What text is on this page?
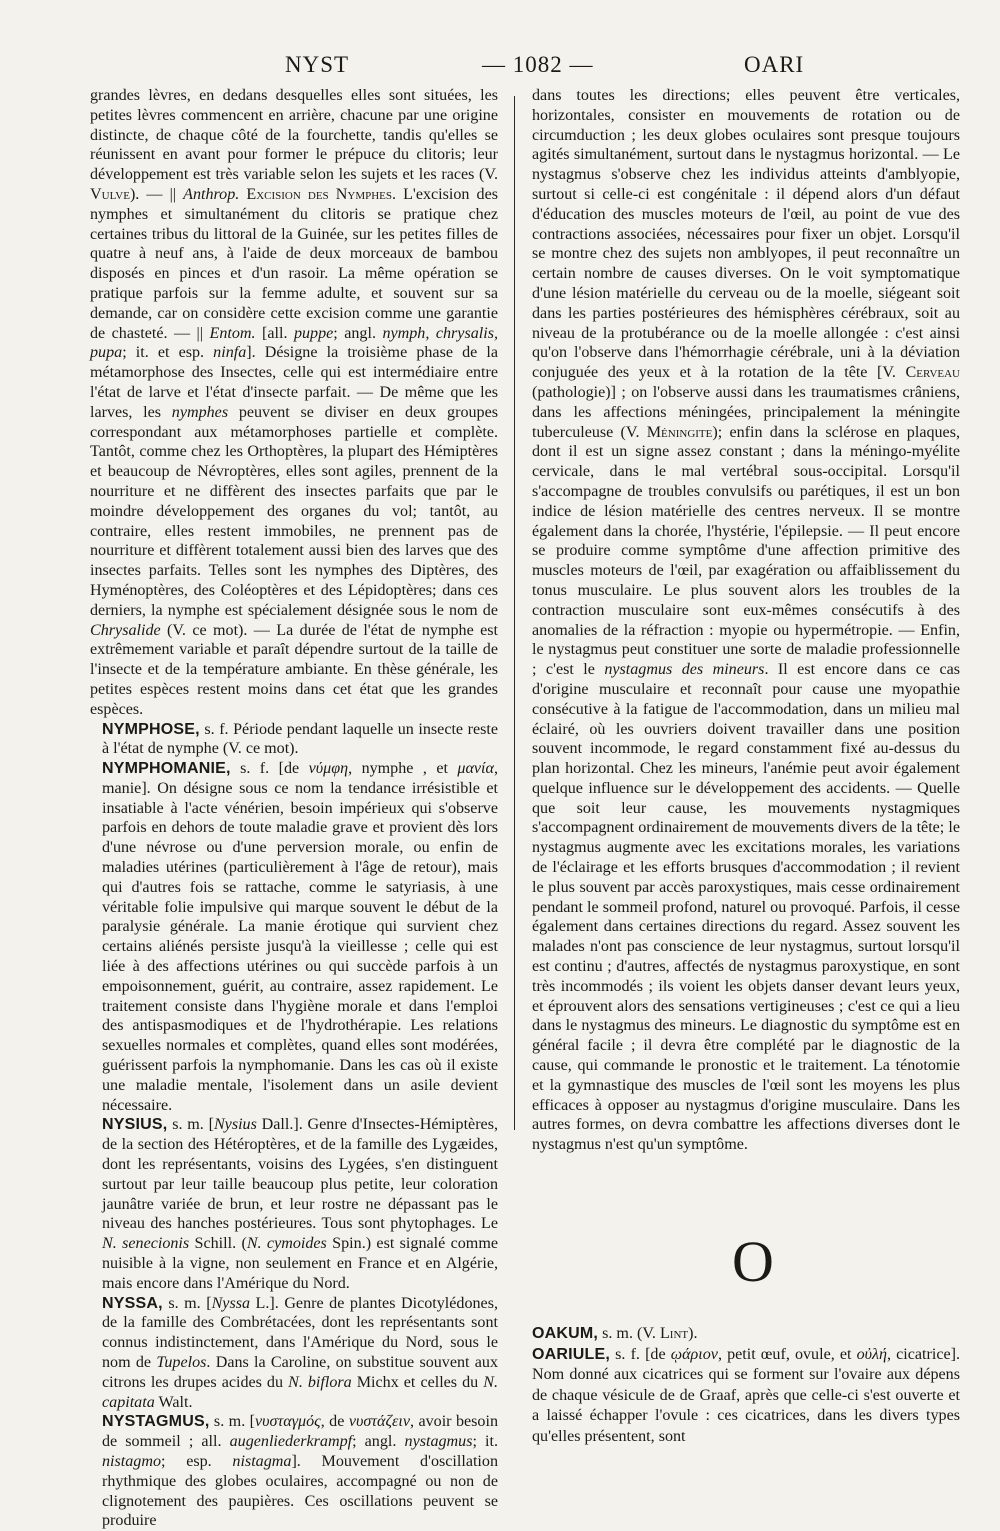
NYST	— 1082 —	OARI

grandes lèvres, en dedans desquelles elles sont situées, les petites lèvres commencent en arrière, chacune par une origine distincte, de chaque côté de la fourchette, tandis qu'elles se réunissent en avant pour former le prépuce du clitoris; leur développement est très variable selon les sujets et les races (V. Vulve). — || Anthrop. Excision des Nymphes. L'excision des nymphes et simultanément du clitoris se pratique chez certaines tribus du littoral de la Guinée, sur les petites filles de quatre à neuf ans, à l'aide de deux morceaux de bambou disposés en pinces et d'un rasoir. La même opération se pratique parfois sur la femme adulte, et souvent sur sa demande, car on considère cette excision comme une garantie de chasteté. — || Entom. [all. puppe; angl. nymph, chrysalis, pupa; it. et esp. ninfa]. Désigne la troisième phase de la métamorphose des Insectes, celle qui est intermédiaire entre l'état de larve et l'état d'insecte parfait. — De même que les larves, les nymphes peuvent se diviser en deux groupes correspondant aux métamorphoses partielle et complète. Tantôt, comme chez les Orthoptères, la plupart des Hémiptères et beaucoup de Névroptères, elles sont agiles, prennent de la nourriture et ne diffèrent des insectes parfaits que par le moindre développement des organes du vol; tantôt, au contraire, elles restent immobiles, ne prennent pas de nourriture et diffèrent totalement aussi bien des larves que des insectes parfaits. Telles sont les nymphes des Diptères, des Hyménoptères, des Coléoptères et des Lépidoptères; dans ces derniers, la nymphe est spécialement désignée sous le nom de Chrysalide (V. ce mot). — La durée de l'état de nymphe est extrêmement variable et paraît dépendre surtout de la taille de l'insecte et de la température ambiante. En thèse générale, les petites espèces restent moins dans cet état que les grandes espèces.

NYMPHOSE, s. f. Période pendant laquelle un insecte reste à l'état de nymphe (V. ce mot).

NYMPHOMANIE, s. f. [de νύμφη, nymphe , et μανία, manie]. On désigne sous ce nom la tendance irrésistible et insatiable à l'acte vénérien, besoin impérieux qui s'observe parfois en dehors de toute maladie grave et provient dès lors d'une névrose ou d'une perversion morale, ou enfin de maladies utérines (particulièrement à l'âge de retour), mais qui d'autres fois se rattache, comme le satyriasis, à une véritable folie impulsive qui marque souvent le début de la paralysie générale. La manie érotique qui survient chez certains aliénés persiste jusqu'à la vieillesse ; celle qui est liée à des affections utérines ou qui succède parfois à un empoisonnement, guérit, au contraire, assez rapidement. Le traitement consiste dans l'hygiène morale et dans l'emploi des antispasmodiques et de l'hydrothérapie. Les relations sexuelles normales et complètes, quand elles sont modérées, guérissent parfois la nymphomanie. Dans les cas où il existe une maladie mentale, l'isolement dans un asile devient nécessaire.

NYSIUS, s. m. [Nysius Dall.]. Genre d'Insectes-Hémiptères, de la section des Hétéroptères, et de la famille des Lygæides, dont les représentants, voisins des Lygées, s'en distinguent surtout par leur taille beaucoup plus petite, leur coloration jaunâtre variée de brun, et leur rostre ne dépassant pas le niveau des hanches postérieures. Tous sont phytophages. Le N. senecionis Schill. (N. cymoides Spin.) est signalé comme nuisible à la vigne, non seulement en France et en Algérie, mais encore dans l'Amérique du Nord.

NYSSA, s. m. [Nyssa L.]. Genre de plantes Dicotylédones, de la famille des Combrétacées, dont les représentants sont connus indistinctement, dans l'Amérique du Nord, sous le nom de Tupelos. Dans la Caroline, on substitue souvent aux citrons les drupes acides du N. biflora Michx et celles du N. capitata Walt.

NYSTAGMUS, s. m. [νυσταγμός, de νυστάζειν, avoir besoin de sommeil ; all. augenliederkrampf; angl. nystagmus; it. nistagmo; esp. nistagma]. Mouvement d'oscillation rhythmique des globes oculaires, accompagné ou non de clignotement des paupières. Ces oscillations peuvent se produire

dans toutes les directions; elles peuvent être verticales, horizontales, consister en mouvements de rotation ou de circumduction ; les deux globes oculaires sont presque toujours agités simultanément, surtout dans le nystagmus horizontal. — Le nystagmus s'observe chez les individus atteints d'amblyopie, surtout si celle-ci est congénitale : il dépend alors d'un défaut d'éducation des muscles moteurs de l'œil, au point de vue des contractions associées, nécessaires pour fixer un objet. Lorsqu'il se montre chez des sujets non amblyopes, il peut reconnaître un certain nombre de causes diverses. On le voit symptomatique d'une lésion matérielle du cerveau ou de la moelle, siégeant soit dans les parties postérieures des hémisphères cérébraux, soit au niveau de la protubérance ou de la moelle allongée : c'est ainsi qu'on l'observe dans l'hémorrhagie cérébrale, uni à la déviation conjuguée des yeux et à la rotation de la tête [V. Cerveau (pathologie)] ; on l'observe aussi dans les traumatismes crâniens, dans les affections méningées, principalement la méningite tuberculeuse (V. Méningite); enfin dans la sclérose en plaques, dont il est un signe assez constant ; dans la méningo-myélite cervicale, dans le mal vertébral sous-occipital. Lorsqu'il s'accompagne de troubles convulsifs ou parétiques, il est un bon indice de lésion matérielle des centres nerveux. Il se montre également dans la chorée, l'hystérie, l'épilepsie. — Il peut encore se produire comme symptôme d'une affection primitive des muscles moteurs de l'œil, par exagération ou affaiblissement du tonus musculaire. Le plus souvent alors les troubles de la contraction musculaire sont eux-mêmes consécutifs à des anomalies de la réfraction : myopie ou hypermétropie. — Enfin, le nystagmus peut constituer une sorte de maladie professionnelle ; c'est le nystagmus des mineurs. Il est encore dans ce cas d'origine musculaire et reconnaît pour cause une myopathie consécutive à la fatigue de l'accommodation, dans un milieu mal éclairé, où les ouvriers doivent travailler dans une position souvent incommode, le regard constamment fixé au-dessus du plan horizontal. Chez les mineurs, l'anémie peut avoir également quelque influence sur le développement des accidents. — Quelle que soit leur cause, les mouvements nystagmiques s'accompagnent ordinairement de mouvements divers de la tête; le nystagmus augmente avec les excitations morales, les variations de l'éclairage et les efforts brusques d'accommodation ; il revient le plus souvent par accès paroxystiques, mais cesse ordinairement pendant le sommeil profond, naturel ou provoqué. Parfois, il cesse également dans certaines directions du regard. Assez souvent les malades n'ont pas conscience de leur nystagmus, surtout lorsqu'il est continu ; d'autres, affectés de nystagmus paroxystique, en sont très incommodés ; ils voient les objets danser devant leurs yeux, et éprouvent alors des sensations vertigineuses ; c'est ce qui a lieu dans le nystagmus des mineurs. Le diagnostic du symptôme est en général facile ; il devra être complété par le diagnostic de la cause, qui commande le pronostic et le traitement. La ténotomie et la gymnastique des muscles de l'œil sont les moyens les plus efficaces à opposer au nystagmus d'origine musculaire. Dans les autres formes, on devra combattre les affections diverses dont le nystagmus n'est qu'un symptôme.

O

OAKUM, s. m. (V. Lint).

OARIULE, s. f. [de ῳάριον, petit œuf, ovule, et οὐλή, cicatrice]. Nom donné aux cicatrices qui se forment sur l'ovaire aux dépens de chaque vésicule de de Graaf, après que celle-ci s'est ouverte et a laissé échapper l'ovule : ces cicatrices, dans les divers types qu'elles présentent, sont
